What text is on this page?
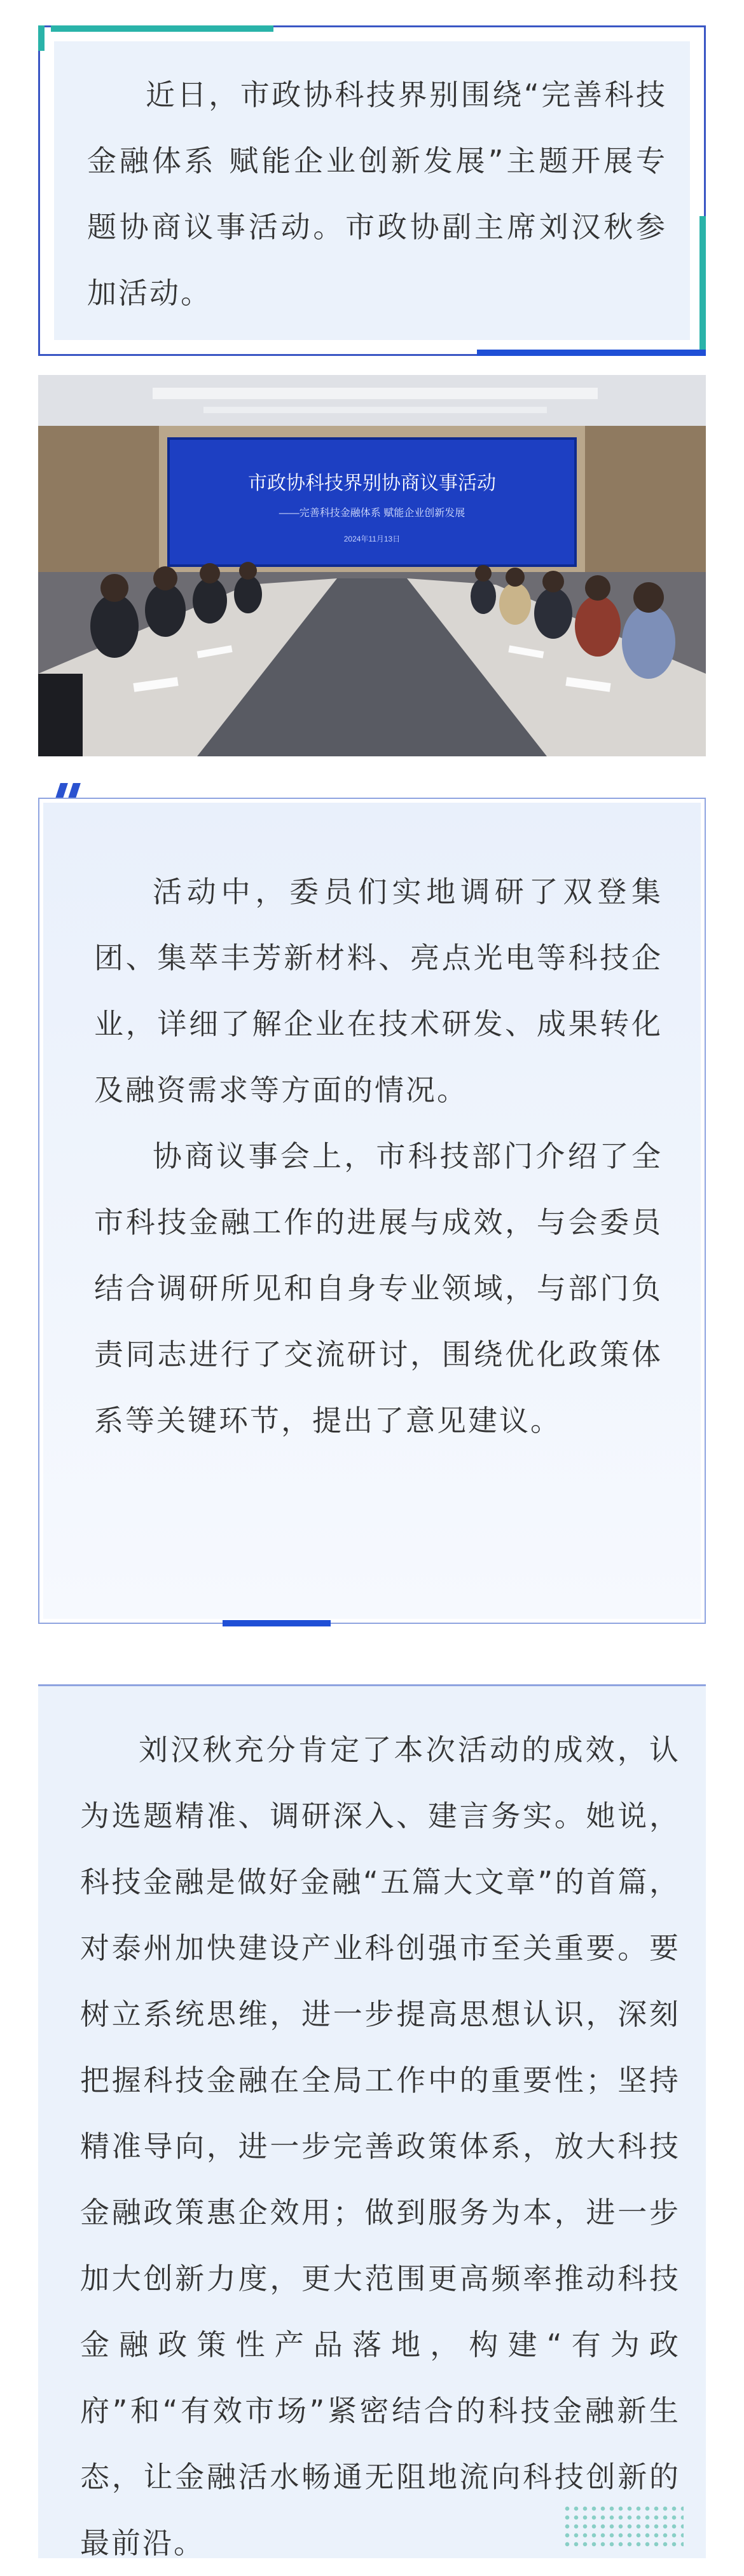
近日，市政协科技界别围绕“完善科技金融体系 赋能企业创新发展”主题开展专题协商议事活动。市政协副主席刘汉秋参加活动。

市政协科技界别协商议事活动
——完善科技金融体系 赋能企业创新发展
2024年11月13日

活动中，委员们实地调研了双登集团、集萃丰芳新材料、亮点光电等科技企业，详细了解企业在技术研发、成果转化及融资需求等方面的情况。

协商议事会上，市科技部门介绍了全市科技金融工作的进展与成效，与会委员结合调研所见和自身专业领域，与部门负责同志进行了交流研讨，围绕优化政策体系等关键环节，提出了意见建议。

刘汉秋充分肯定了本次活动的成效，认为选题精准、调研深入、建言务实。她说，科技金融是做好金融“五篇大文章”的首篇，对泰州加快建设产业科创强市至关重要。要树立系统思维，进一步提高思想认识，深刻把握科技金融在全局工作中的重要性；坚持精准导向，进一步完善政策体系，放大科技金融政策惠企效用；做到服务为本，进一步加大创新力度，更大范围更高频率推动科技金融政策性产品落地，构建“有为政府”和“有效市场”紧密结合的科技金融新生态，让金融活水畅通无阻地流向科技创新的最前沿。
